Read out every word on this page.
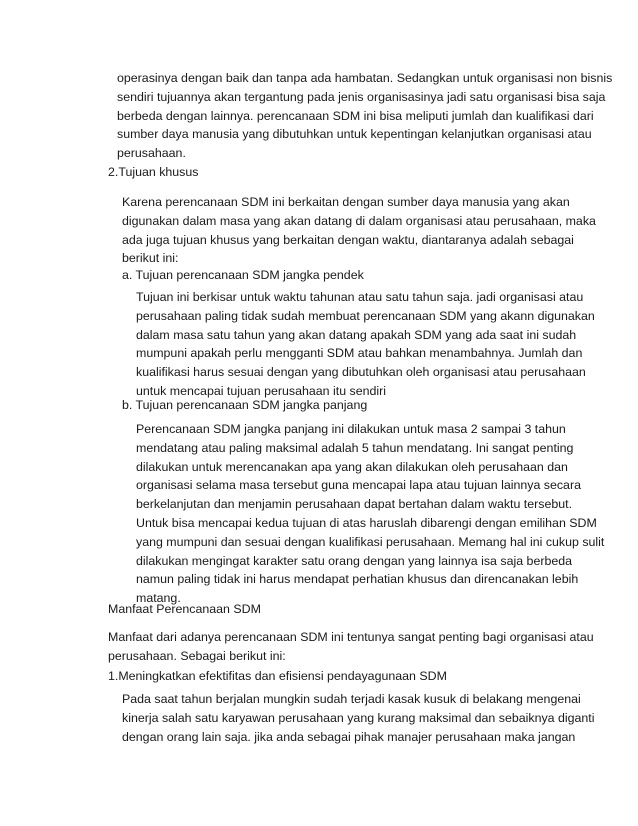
operasinya dengan baik dan tanpa ada hambatan. Sedangkan untuk organisasi non bisnis
sendiri tujuannya akan tergantung pada jenis organisasinya jadi satu organisasi bisa saja
berbeda dengan lainnya. perencanaan SDM ini bisa meliputi jumlah dan kualifikasi dari
sumber daya manusia yang dibutuhkan untuk kepentingan kelanjutkan organisasi atau
perusahaan.
2.Tujuan khusus
Karena perencanaan SDM ini berkaitan dengan sumber daya manusia yang akan
digunakan dalam masa yang akan datang di dalam organisasi atau perusahaan, maka
ada juga tujuan khusus yang berkaitan dengan waktu, diantaranya adalah sebagai
berikut ini:
a. Tujuan perencanaan SDM jangka pendek
Tujuan ini berkisar untuk waktu tahunan atau satu tahun saja. jadi organisasi atau
perusahaan paling tidak sudah membuat perencanaan SDM yang akann digunakan
dalam masa satu tahun yang akan datang apakah SDM yang ada saat ini sudah
mumpuni apakah perlu mengganti SDM atau bahkan menambahnya. Jumlah dan
kualifikasi harus sesuai dengan yang dibutuhkan oleh organisasi atau perusahaan
untuk mencapai tujuan perusahaan itu sendiri
b. Tujuan perencanaan SDM jangka panjang
Perencanaan SDM jangka panjang ini dilakukan untuk masa 2 sampai 3 tahun
mendatang atau paling maksimal adalah 5 tahun mendatang. Ini sangat penting
dilakukan untuk merencanakan apa yang akan dilakukan oleh perusahaan dan
organisasi selama masa tersebut guna mencapai lapa atau tujuan lainnya secara
berkelanjutan dan menjamin perusahaan dapat bertahan dalam waktu tersebut.
Untuk bisa mencapai kedua tujuan di atas haruslah dibarengi dengan emilihan SDM
yang mumpuni dan sesuai dengan kualifikasi perusahaan. Memang hal ini cukup sulit
dilakukan mengingat karakter satu orang dengan yang lainnya isa saja berbeda
namun paling tidak ini harus mendapat perhatian khusus dan direncanakan lebih
matang.
Manfaat Perencanaan SDM
Manfaat dari adanya perencanaan SDM ini tentunya sangat penting bagi organisasi atau
perusahaan. Sebagai berikut ini:
1.Meningkatkan efektifitas dan efisiensi pendayagunaan SDM
Pada saat tahun berjalan mungkin sudah terjadi kasak kusuk di belakang mengenai
kinerja salah satu karyawan perusahaan yang kurang maksimal dan sebaiknya diganti
dengan orang lain saja. jika anda sebagai pihak manajer perusahaan maka jangan
